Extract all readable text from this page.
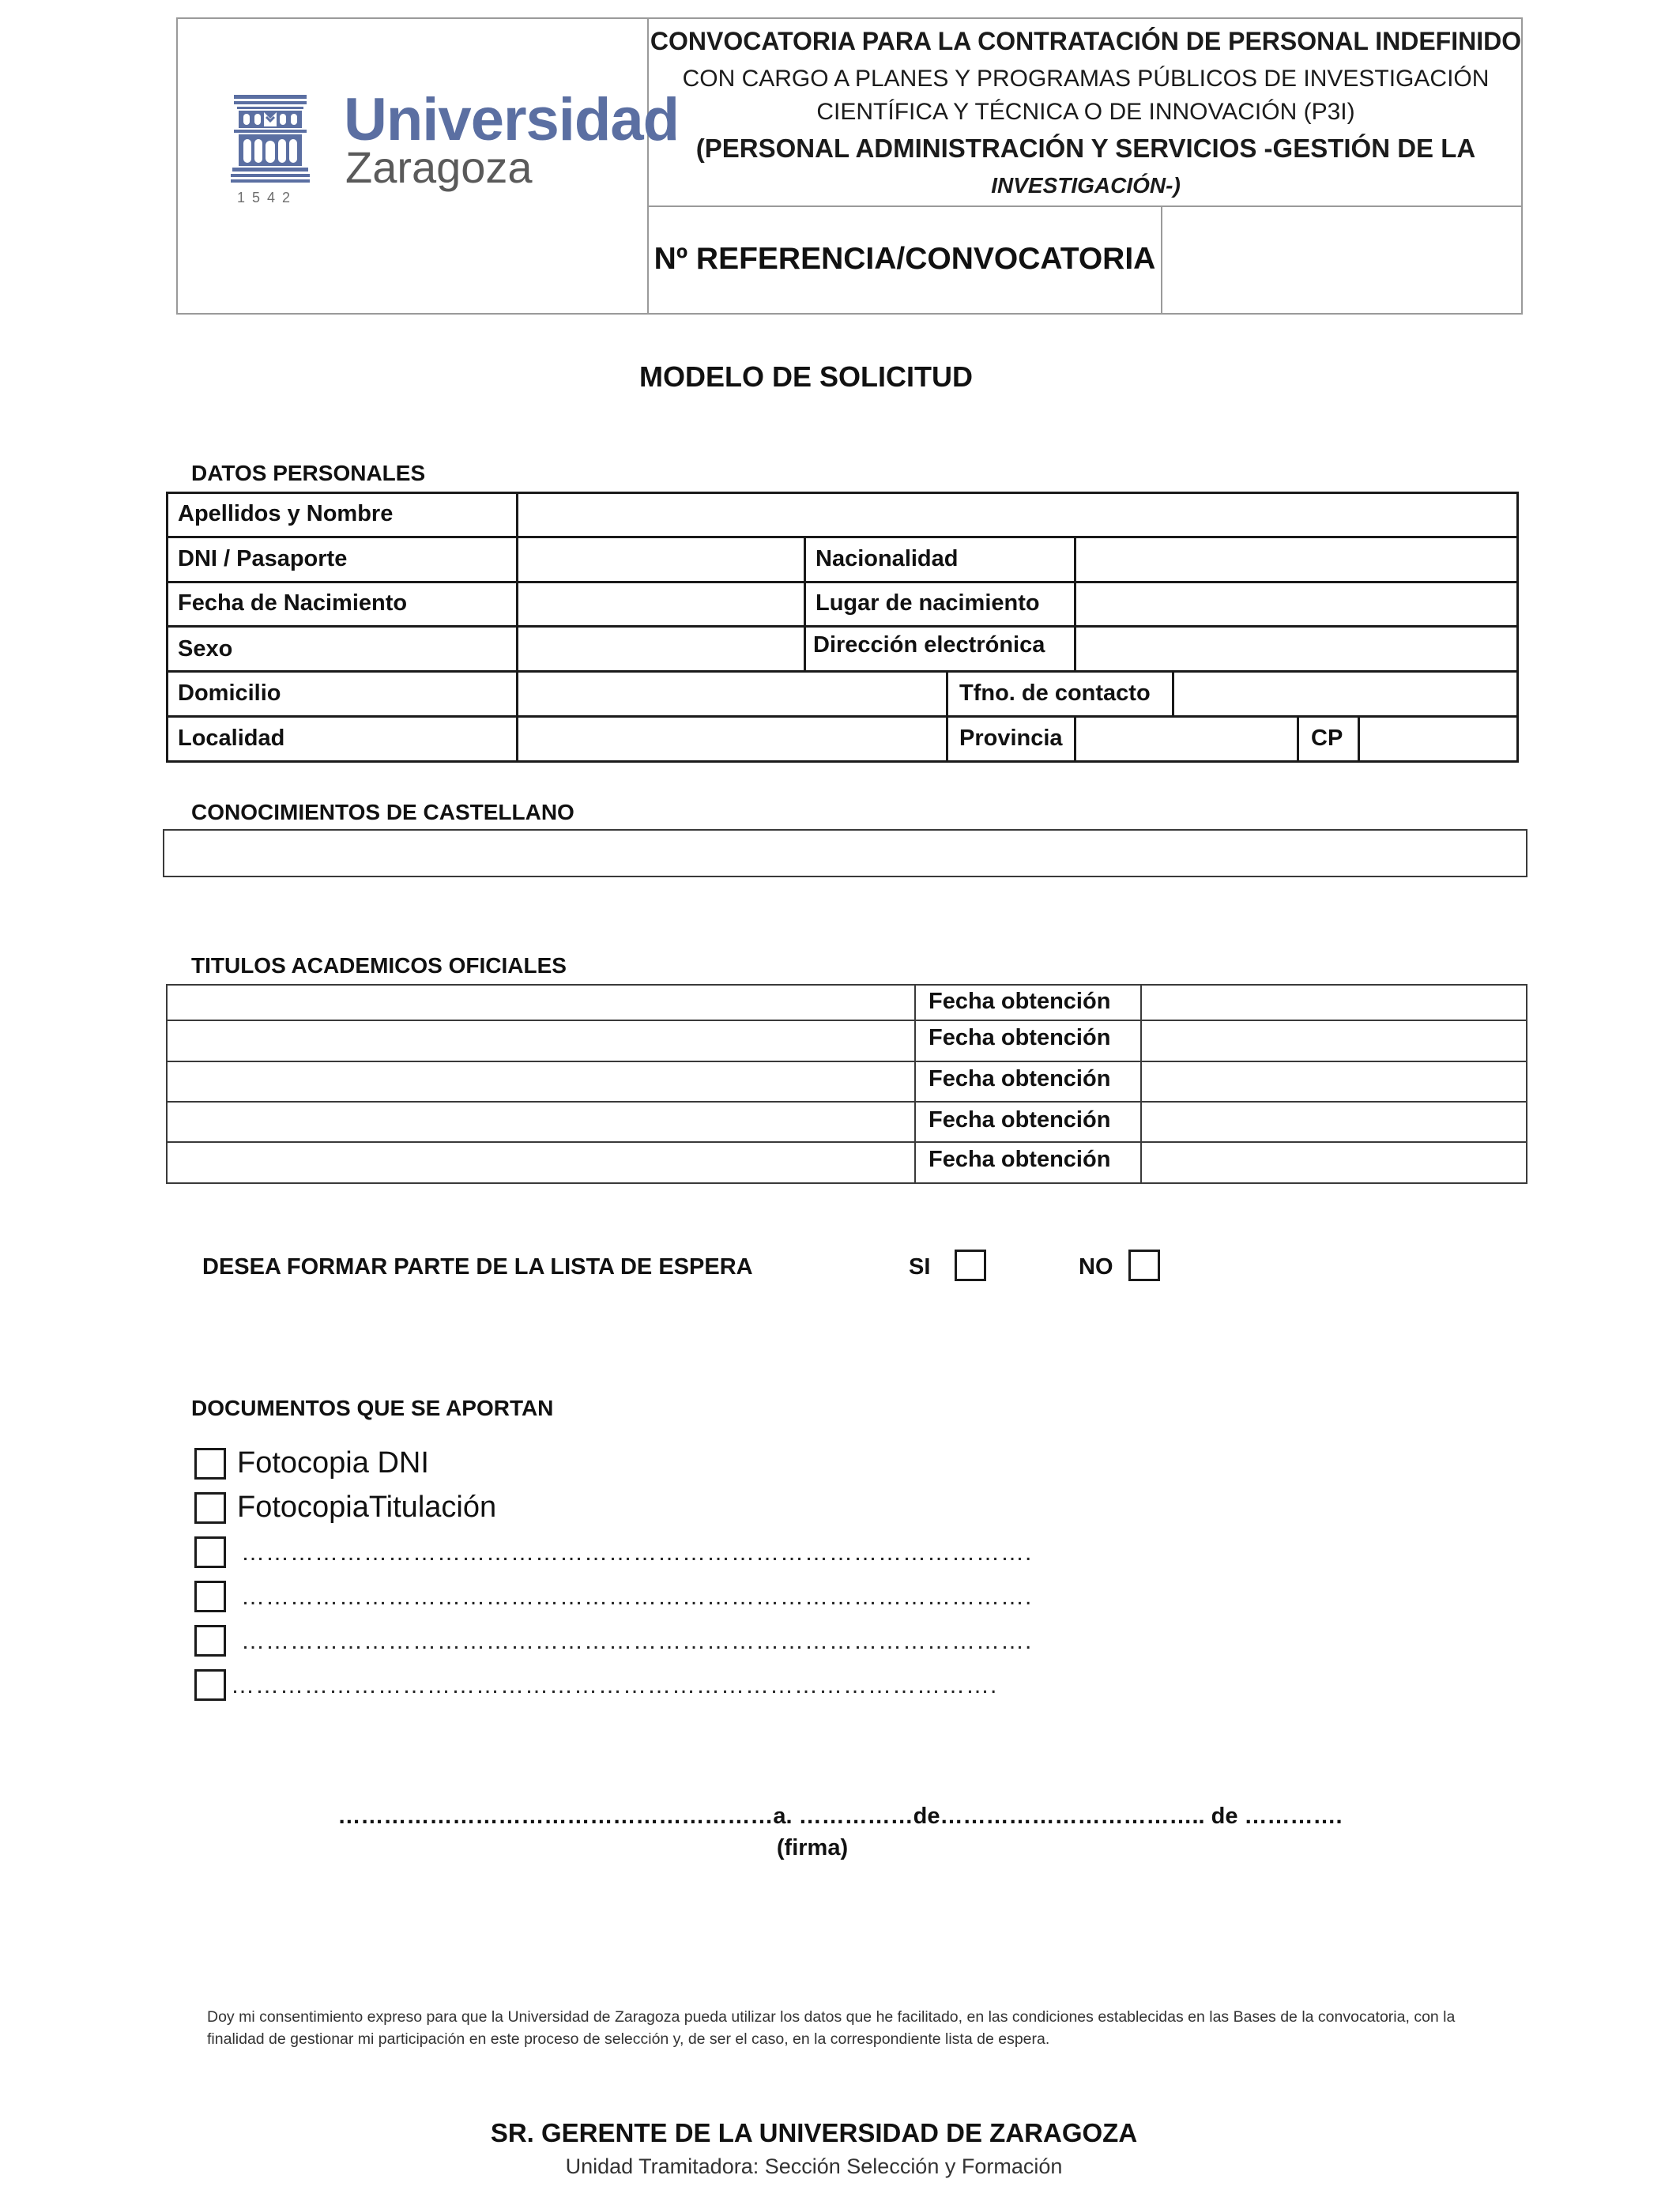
Universidad
Zaragoza
1542
CONVOCATORIA PARA LA CONTRATACIÓN DE PERSONAL INDEFINIDO
CON CARGO A PLANES Y PROGRAMAS PÚBLICOS DE INVESTIGACIÓN
CIENTÍFICA Y TÉCNICA O DE INNOVACIÓN (P3I)
(PERSONAL ADMINISTRACIÓN Y SERVICIOS -GESTIÓN DE LA
INVESTIGACIÓN-)
Nº REFERENCIA/CONVOCATORIA
MODELO DE SOLICITUD
DATOS PERSONALES
Apellidos y Nombre
DNI / Pasaporte	Nacionalidad
Fecha de Nacimiento	Lugar de nacimiento
Sexo	Dirección electrónica
Domicilio	Tfno. de contacto
Localidad	Provincia	CP
CONOCIMIENTOS DE CASTELLANO
TITULOS ACADEMICOS OFICIALES
Fecha obtención
Fecha obtención
Fecha obtención
Fecha obtención
Fecha obtención
DESEA FORMAR PARTE DE LA LISTA DE ESPERA	SI	NO
DOCUMENTOS QUE SE APORTAN
Fotocopia DNI
FotocopiaTitulación
…………………………………………………………………………………….
…………………………………………………………………………………….
…………………………………………………………………………………….
………………………………………………………………………………….
…………………………………………………a. ……………de…………………………….. de ………….
(firma)
Doy mi consentimiento expreso para que la Universidad de Zaragoza pueda utilizar los datos que he facilitado, en las condiciones establecidas en las Bases de la convocatoria, con la finalidad de gestionar mi participación en este proceso de selección y, de ser el caso, en la correspondiente lista de espera.
SR. GERENTE DE LA UNIVERSIDAD DE ZARAGOZA
Unidad Tramitadora: Sección Selección y Formación
